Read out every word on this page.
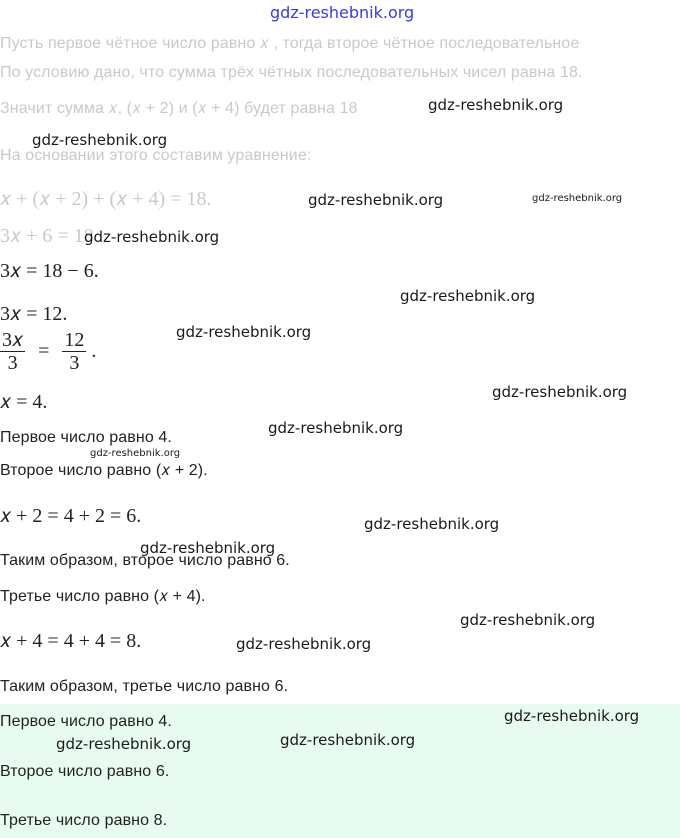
gdz-reshebnik.org
Пусть первое чётное число равно 𝑥 , тогда второе чётное последовательное
По условию дано, что сумма трёх чётных последовательных чисел равна 18.
Значит сумма 𝑥, (𝑥 + 2) и (𝑥 + 4) будет равна 18
На основании этого составим уравнение:
𝑥 + (𝑥 + 2) + (𝑥 + 4) = 18.
3𝑥 + 6 = 18
3𝑥 = 18 − 6.
3𝑥 = 12.
$\frac{\text{3𝑥}}{3} = \frac{12}{3}$ .
𝑥 = 4.
Первое число равно 4.
Второе число равно (𝑥 + 2).
𝑥 + 2 = 4 + 2 = 6.
Таким образом, второе число равно 6.
Третье число равно (𝑥 + 4).
𝑥 + 4 = 4 + 4 = 8.
Таким образом, третье число равно 6.
Первое число равно 4.
Второе число равно 6.
Третье число равно 8.
gdz-reshebnik.org
gdz-reshebnik.org
gdz-reshebnik.org	gdz-reshebnik.org
gdz-reshebnik.org
gdz-reshebnik.org
gdz-reshebnik.org
gdz-reshebnik.org
gdz-reshebnik.org
gdz-reshebnik.org
gdz-reshebnik.org
gdz-reshebnik.org
gdz-reshebnik.org
gdz-reshebnik.org
gdz-reshebnik.org
gdz-reshebnik.org	gdz-reshebnik.org
